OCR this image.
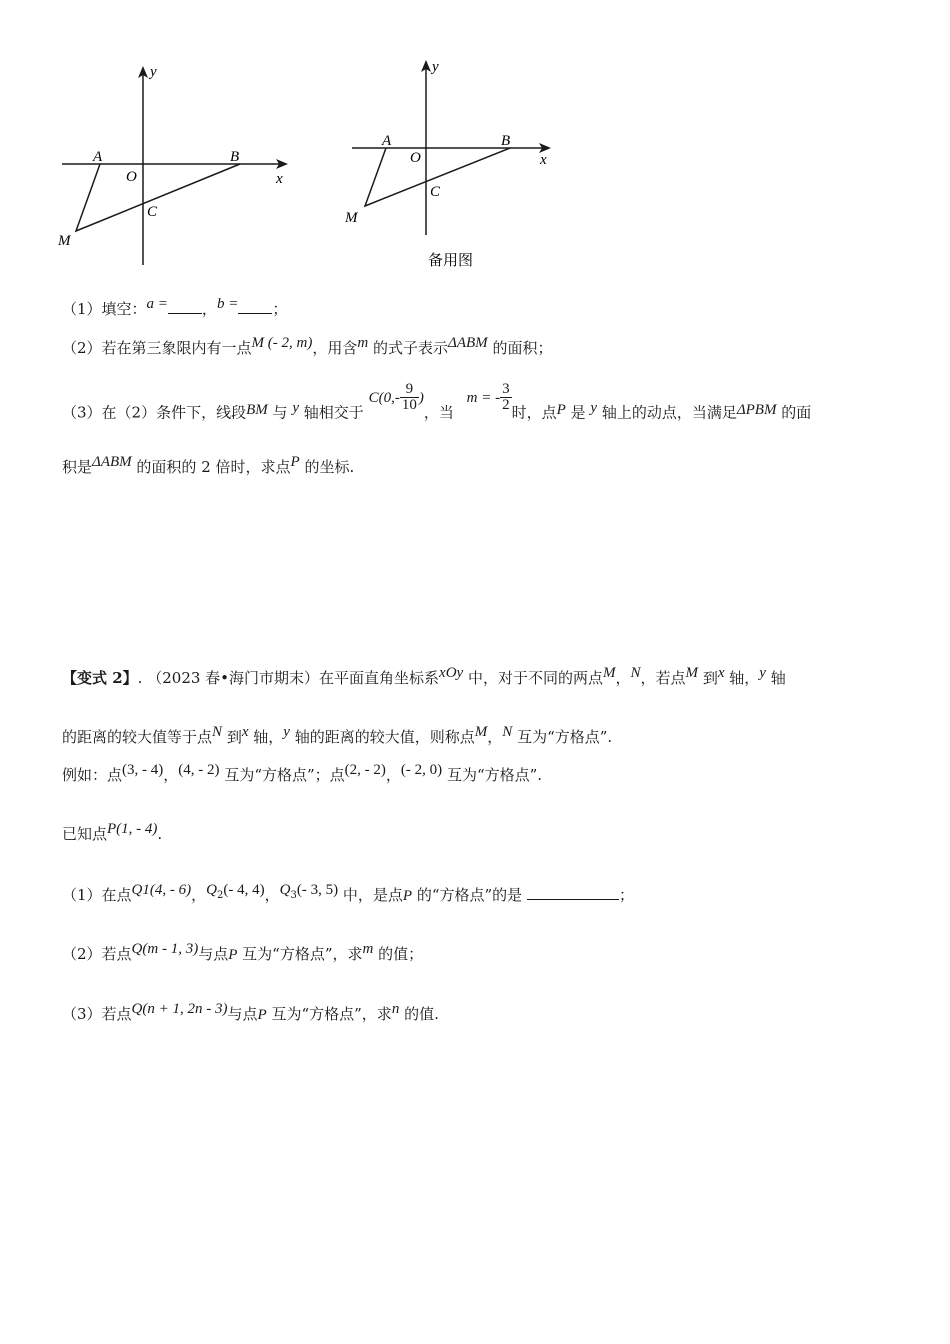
A	B
O
C
M
x
y
A	B
O
C
M
x
y
备用图
（1）填空：a = ，b = ；
（2）若在第三象限内有一点M (- 2, m)，用含m 的式子表示ΔABM 的面积；
（3）在（2）条件下，线段BM 与 y 轴相交于 $C(0,- \frac{9}{10}$ )，当 m = - $\frac{3}{2}$ 时，点P 是 y 轴上的动点，当满足ΔPBM 的面
积是ΔABM 的面积的 2 倍时，求点P 的坐标.
【变式 2】. （2023 春•海门市期末）在平面直角坐标系xOy 中，对于不同的两点M，N，若点M 到x 轴，y 轴
的距离的较大值等于点N 到x 轴，y 轴的距离的较大值，则称点M，N 互为“方格点”.
例如：点(3, - 4)，(4, - 2) 互为“方格点”；点(2, - 2)，(- 2, 0) 互为“方格点”.
已知点P(1, - 4).
（1）在点Q1(4, - 6)，$Q_2(-$ 4, 4)，$Q_3(-$ 3, 5) 中，是点P 的“方格点”的是	；
（2）若点Q(m - 1, 3)与点P 互为“方格点”，求m 的值；
（3）若点Q(n + 1, 2n - 3)与点P 互为“方格点”，求n 的值.
